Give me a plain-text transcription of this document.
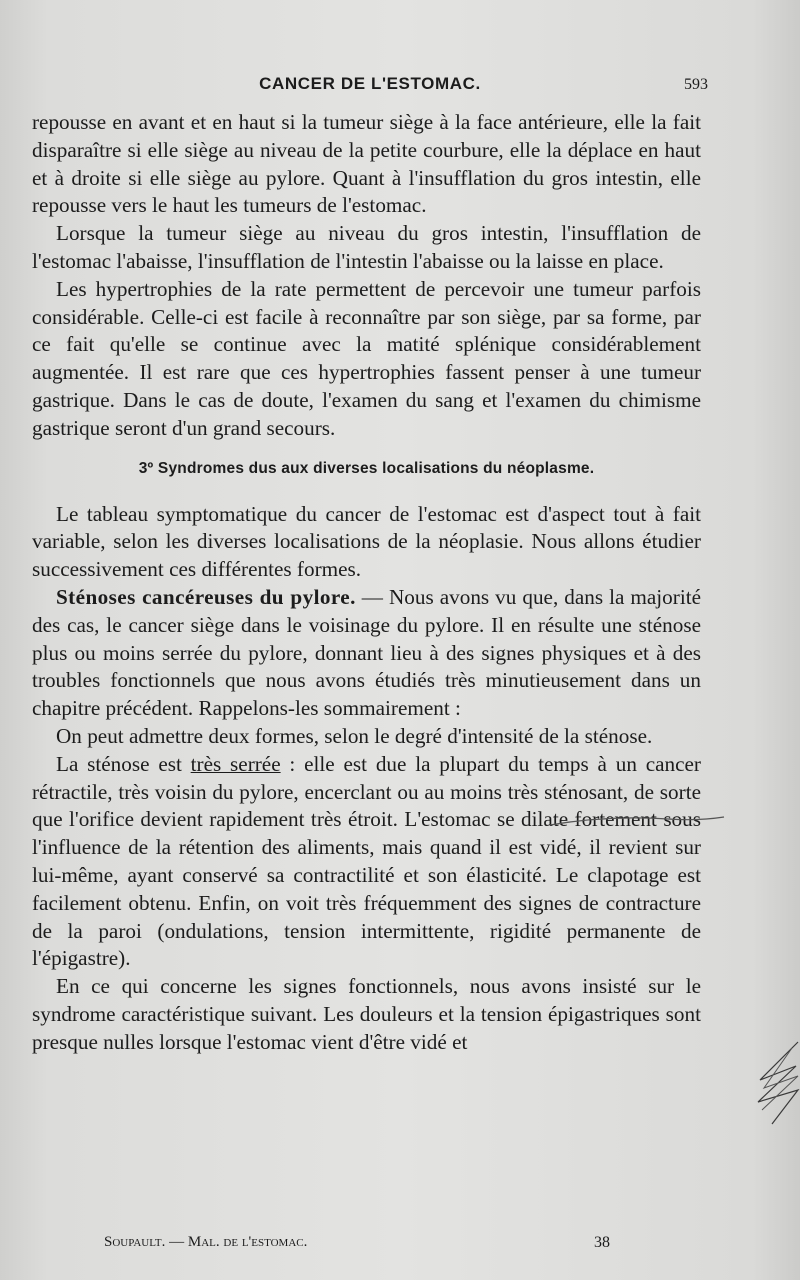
CANCER DE L'ESTOMAC.	593

repousse en avant et en haut si la tumeur siège à la face antérieure, elle la fait disparaître si elle siège au niveau de la petite courbure, elle la déplace en haut et à droite si elle siège au pylore. Quant à l'insufflation du gros intestin, elle repousse vers le haut les tumeurs de l'estomac.

Lorsque la tumeur siège au niveau du gros intestin, l'insufflation de l'estomac l'abaisse, l'insufflation de l'intestin l'abaisse ou la laisse en place.

Les hypertrophies de la rate permettent de percevoir une tumeur parfois considérable. Celle-ci est facile à reconnaître par son siège, par sa forme, par ce fait qu'elle se continue avec la matité splénique considérablement augmentée. Il est rare que ces hypertrophies fassent penser à une tumeur gastrique. Dans le cas de doute, l'examen du sang et l'examen du chimisme gastrique seront d'un grand secours.

3º Syndromes dus aux diverses localisations du néoplasme.

Le tableau symptomatique du cancer de l'estomac est d'aspect tout à fait variable, selon les diverses localisations de la néoplasie. Nous allons étudier successivement ces différentes formes.

Sténoses cancéreuses du pylore. — Nous avons vu que, dans la majorité des cas, le cancer siège dans le voisinage du pylore. Il en résulte une sténose plus ou moins serrée du pylore, donnant lieu à des signes physiques et à des troubles fonctionnels que nous avons étudiés très minutieusement dans un chapitre précédent. Rappelons-les sommairement :

On peut admettre deux formes, selon le degré d'intensité de la sténose.

La sténose est très serrée : elle est due la plupart du temps à un cancer rétractile, très voisin du pylore, encerclant ou au moins très sténosant, de sorte que l'orifice devient rapidement très étroit. L'estomac se dilate fortement sous l'influence de la rétention des aliments, mais quand il est vidé, il revient sur lui-même, ayant conservé sa contractilité et son élasticité. Le clapotage est facilement obtenu. Enfin, on voit très fréquemment des signes de contracture de la paroi (ondulations, tension intermittente, rigidité permanente de l'épigastre).

En ce qui concerne les signes fonctionnels, nous avons insisté sur le syndrome caractéristique suivant. Les douleurs et la tension épigastriques sont presque nulles lorsque l'estomac vient d'être vidé et

Soupault. — Mal. de l'estomac.	38
